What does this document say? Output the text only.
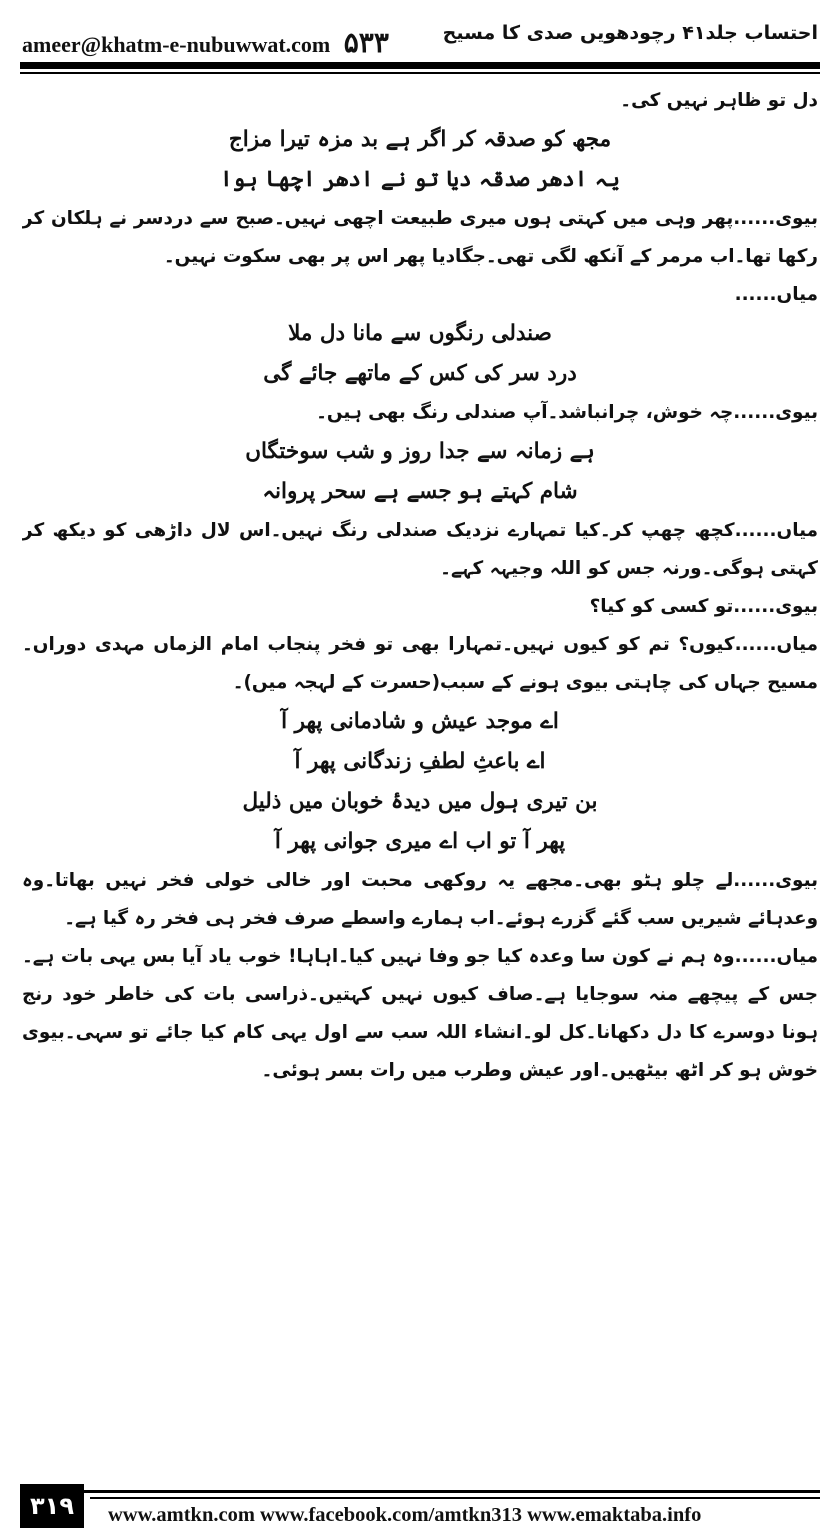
ameer@khatm-e-nubuwwat.com ۵۳۳	احتساب جلد۴۱ رچودھویں صدی کا مسیح

دل تو ظاہر نہیں کی۔

مجھ کو صدقہ کر اگر ہے بد مزہ تیرا مزاج

یہ ادھر صدقہ دیا تو نے ادھر اچھا ہوا

بیوی......پھر وہی میں کہتی ہوں میری طبیعت اچھی نہیں۔صبح سے دردسر نے ہلکان کر رکھا تھا۔اب مرمر کے آنکھ لگی تھی۔جگادیا پھر اس پر بھی سکوت نہیں۔

میاں......

صندلی رنگوں سے مانا دل ملا

درد سر کی کس کے ماتھے جائے گی

بیوی......چہ خوش، چرانباشد۔آپ صندلی رنگ بھی ہیں۔

ہے زمانہ سے جدا روز و شب سوختگاں

شام کہتے ہو جسے ہے سحر پروانہ

میاں......کچھ چھپ کر۔کیا تمہارے نزدیک صندلی رنگ نہیں۔اس لال داڑھی کو دیکھ کر کہتی ہوگی۔ورنہ جس کو اللہ وجیہہ کہے۔

بیوی......تو کسی کو کیا؟

میاں......کیوں؟ تم کو کیوں نہیں۔تمہارا بھی تو فخر پنجاب امام الزماں مہدی دوراں۔مسیح جہاں کی چاہتی بیوی ہونے کے سبب(حسرت کے لہجہ میں)۔

اے موجد عیش و شادمانی پھر آ

اے باعثِ لطفِ زندگانی پھر آ

بن تیری ہول میں دیدۂ خوبان میں ذلیل

پھر آ تو اب اے میری جوانی پھر آ

بیوی......لے چلو ہٹو بھی۔مجھے یہ روکھی محبت اور خالی خولی فخر نہیں بھاتا۔وہ وعدہائے شیریں سب گئے گزرے ہوئے۔اب ہمارے واسطے صرف فخر ہی فخر رہ گیا ہے۔

میاں......وہ ہم نے کون سا وعدہ کیا جو وفا نہیں کیا۔اہاہا! خوب یاد آیا بس یہی بات ہے۔جس کے پیچھے منہ سوجایا ہے۔صاف کیوں نہیں کہتیں۔ذراسی بات کی خاطر خود رنج ہونا دوسرے کا دل دکھانا۔کل لو۔انشاء اللہ سب سے اول یہی کام کیا جائے تو سہی۔بیوی خوش ہو کر اٹھ بیٹھیں۔اور عیش وطرب میں رات بسر ہوئی۔

۳۱۹	www.amtkn.com www.facebook.com/amtkn313 www.emaktaba.info
